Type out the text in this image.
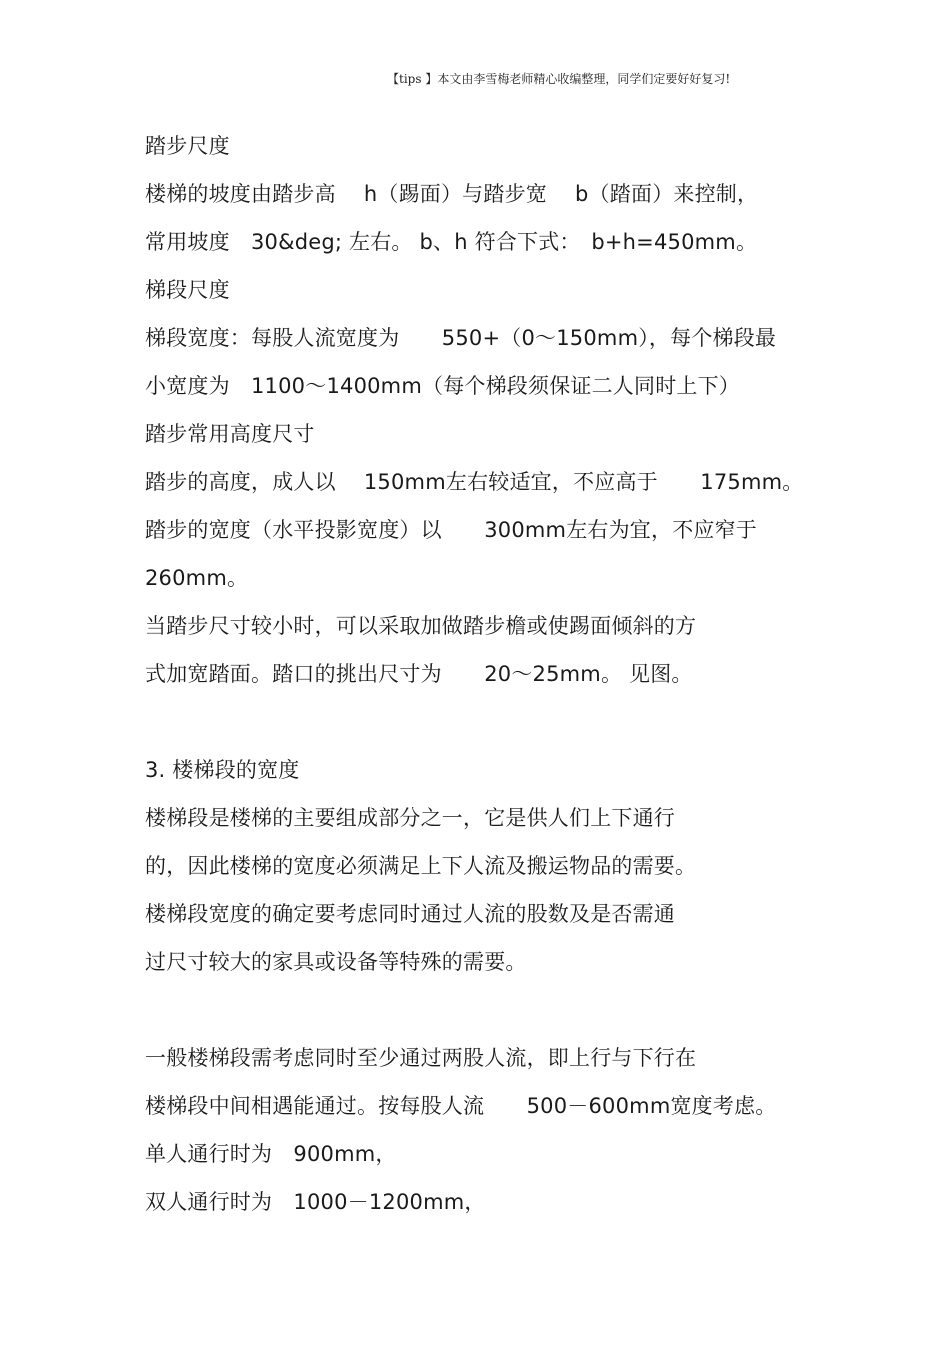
【tips 】本文由李雪梅老师精心收编整理，同学们定要好好复习!
踏步尺度
楼梯的坡度由踏步高　 h（踢面）与踏步宽　 b（踏面）来控制，
常用坡度　30&deg; 左右。 b、h 符合下式：　b+h=450mm。
梯段尺度
梯段宽度：每股人流宽度为　　550+（0～150mm），每个梯段最
小宽度为　1100～1400mm（每个梯段须保证二人同时上下）
踏步常用高度尺寸
踏步的高度，成人以　 150mm左右较适宜，不应高于　　175mm。
踏步的宽度（水平投影宽度）以　　300mm左右为宜，不应窄于
260mm。
当踏步尺寸较小时，可以采取加做踏步檐或使踢面倾斜的方
式加宽踏面。踏口的挑出尺寸为　　20～25mm。 见图。
3. 楼梯段的宽度
楼梯段是楼梯的主要组成部分之一，它是供人们上下通行
的，因此楼梯的宽度必须满足上下人流及搬运物品的需要。
楼梯段宽度的确定要考虑同时通过人流的股数及是否需通
过尺寸较大的家具或设备等特殊的需要。
一般楼梯段需考虑同时至少通过两股人流，即上行与下行在
楼梯段中间相遇能通过。按每股人流　　500－600mm宽度考虑。
单人通行时为　900mm，
双人通行时为　1000－1200mm，
